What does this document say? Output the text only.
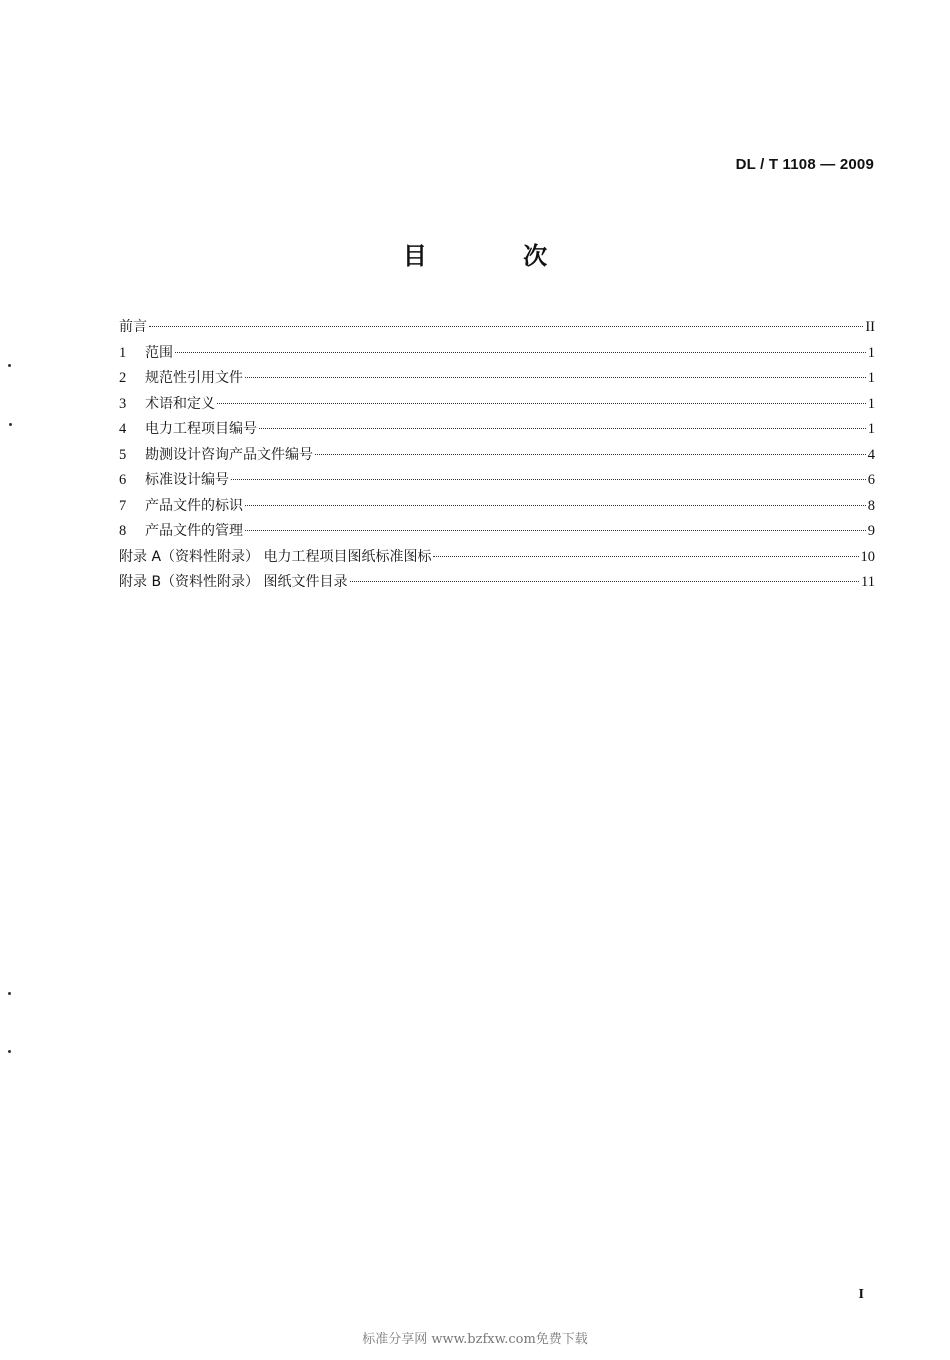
DL / T 1108 — 2009
目 次
前言	II
1	范围	1
2	规范性引用文件	1
3	术语和定义	1
4	电力工程项目编号	1
5	勘测设计咨询产品文件编号	4
6	标准设计编号	6
7	产品文件的标识	8
8	产品文件的管理	9
附录 A（资料性附录） 电力工程项目图纸标准图标	10
附录 B（资料性附录） 图纸文件目录	11
I
标准分享网 www.bzfxw.com免费下载
